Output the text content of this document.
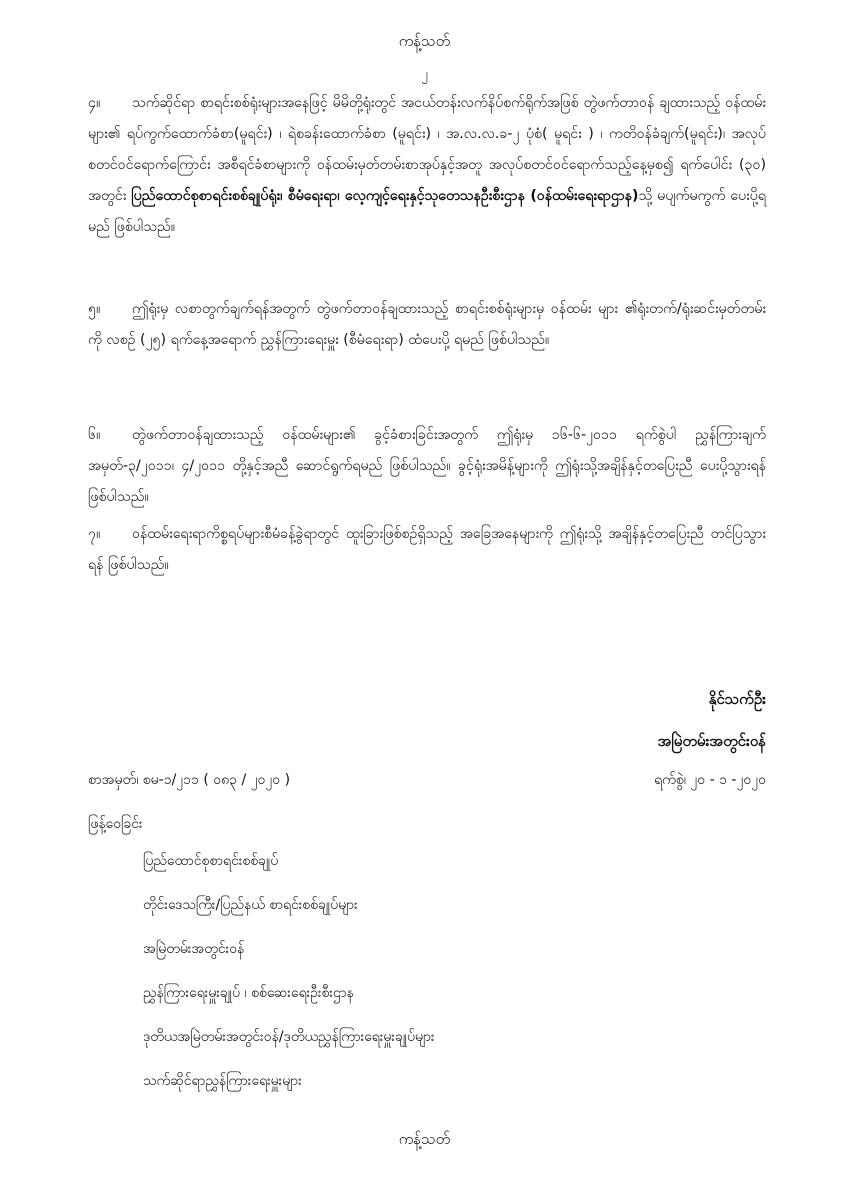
ကန့်သတ်
၂
၄။ သက်ဆိုင်ရာ စာရင်းစစ်ရုံးများအနေဖြင့် မိမိတို့ရုံးတွင် အငယ်တန်းလက်နိပ်စက်ရိုက်အဖြစ် တွဲဖက်တာဝန် ချထားသည့် ဝန်ထမ်းများ၏ ရပ်ကွက်ထောက်ခံစာ(မူရင်း) ၊ ရဲစခန်းထောက်ခံစာ (မူရင်း) ၊ အ.လ.လ.ခ-၂ ပုံစံ( မူရင်း ) ၊ ကတိဝန်ခံချက်(မူရင်း)၊ အလုပ်စတင်ဝင်ရောက်ကြောင်း အစီရင်ခံစာများကို ဝန်ထမ်းမှတ်တမ်းစာအုပ်နှင့်အတူ အလုပ်စတင်ဝင်ရောက်သည့်နေ့မှစ၍ ရက်ပေါင်း (၃၀) အတွင်း ပြည်ထောင်စုစာရင်းစစ်ချုပ်ရုံး၊ စီမံရေးရာ၊ လေ့ကျင့်ရေးနှင့်သုတေသနဦးစီးဌာန (ဝန်ထမ်းရေးရာဌာန)သို့ မပျက်မကွက် ပေးပို့ရမည် ဖြစ်ပါသည်။
၅။ ဤရုံးမှ လစာတွက်ချက်ရန်အတွက် တွဲဖက်တာဝန်ချထားသည့် စာရင်းစစ်ရုံးများမှ ဝန်ထမ်း များ ၏ရုံးတက်/ရုံးဆင်းမှတ်တမ်းကို လစဉ် (၂၅) ရက်နေ့အရောက် ညွှန်ကြားရေးမှူး (စီမံရေးရာ) ထံပေးပို့ ရမည် ဖြစ်ပါသည်။
၆။ တွဲဖက်တာဝန်ချထားသည့် ဝန်ထမ်းများ၏ ခွင့်ခံစားခြင်းအတွက် ဤရုံးမှ ၁၆-၆-၂၀၁၁ ရက်စွဲပါ ညွှန်ကြားချက်အမှတ်-၃/၂၀၁၁၊ ၄/၂၀၁၁ တို့နှင့်အညီ ဆောင်ရွက်ရမည် ဖြစ်ပါသည်။ ခွင့်ရုံးအမိန့်များကို ဤရုံးသို့အချိန်နှင့်တပြေးညီ ပေးပို့သွားရန် ဖြစ်ပါသည်။
၇။ ဝန်ထမ်းရေးရာကိစ္စရပ်များစီမံခန့်ခွဲရာတွင် ထူးခြားဖြစ်စဉ်ရှိသည့် အခြေအနေများကို ဤရုံးသို့ အချိန်နှင့်တပြေးညီ တင်ပြသွားရန် ဖြစ်ပါသည်။
နိုင်သက်ဦး
အမြဲတမ်းအတွင်းဝန်
စာအမှတ်၊ စမ-၁/၂၁၁ ( ၀၈၃ / ၂၀၂၀ )	ရက်စွဲ၊ ၂၀ - ၁ -၂၀၂၀
ဖြန့်ဝေခြင်း
ပြည်ထောင်စုစာရင်းစစ်ချုပ်
တိုင်းဒေသကြီး/ပြည်နယ် စာရင်းစစ်ချုပ်များ
အမြဲတမ်းအတွင်းဝန်
ညွှန်ကြားရေးမှူးချုပ် ၊ စစ်ဆေးရေးဦးစီးဌာန
ဒုတိယအမြဲတမ်းအတွင်းဝန်/ဒုတိယညွှန်ကြားရေးမှူးချုပ်များ
သက်ဆိုင်ရာညွှန်ကြားရေးမှူးများ
ကန့်သတ်
